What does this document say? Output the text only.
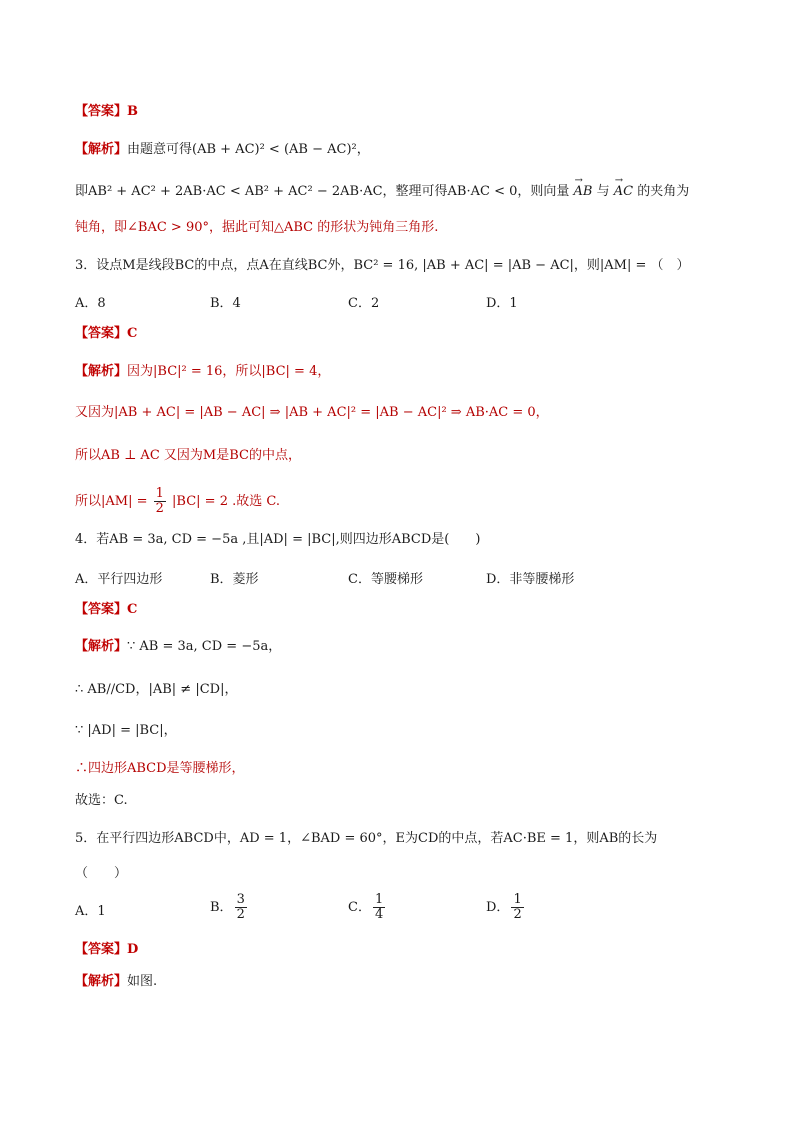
【答案】B
【解析】由题意可得(AB + AC)² < (AB − AC)²，
即AB² + AC² + 2AB·AC < AB² + AC² − 2AB·AC，整理可得AB·AC < 0，则向量 → AB 与 → AC 的夹角为
钝角，即∠BAC > 90°，据此可知△ABC 的形状为钝角三角形.
3．设点M是线段BC的中点，点A在直线BC外，BC² = 16, |AB + AC| = |AB − AC|，则|AM| = （　）
A．8	B．4	C．2	D．1
【答案】C
【解析】因为|BC|² = 16，所以|BC| = 4，
又因为|AB + AC| = |AB − AC| ⇒ |AB + AC|² = |AB − AC|² ⇒ AB·AC = 0，
所以AB ⊥ AC 又因为M是BC的中点，
所以$|AM| = \frac{1}{2} |BC| = 2$ .故选 C.
4．若AB = 3a, CD = −5a ,且|AD| = |BC|,则四边形ABCD是(　　)
A．平行四边形	B．菱形	C．等腰梯形	D．非等腰梯形
【答案】C
【解析】∵ AB = 3a, CD = −5a，
∴ AB//CD，|AB| ≠ |CD|，
∵ |AD| = |BC|，
∴四边形ABCD是等腰梯形，
故选：C.
5．在平行四边形ABCD中，AD = 1，∠BAD = 60°，E为CD的中点，若AC·BE = 1，则AB的长为
（　　）
A．1	B． $\frac{3}{2}$	C． $\frac{1}{4}$	D． $\frac{1}{2}$
【答案】D
【解析】如图.
